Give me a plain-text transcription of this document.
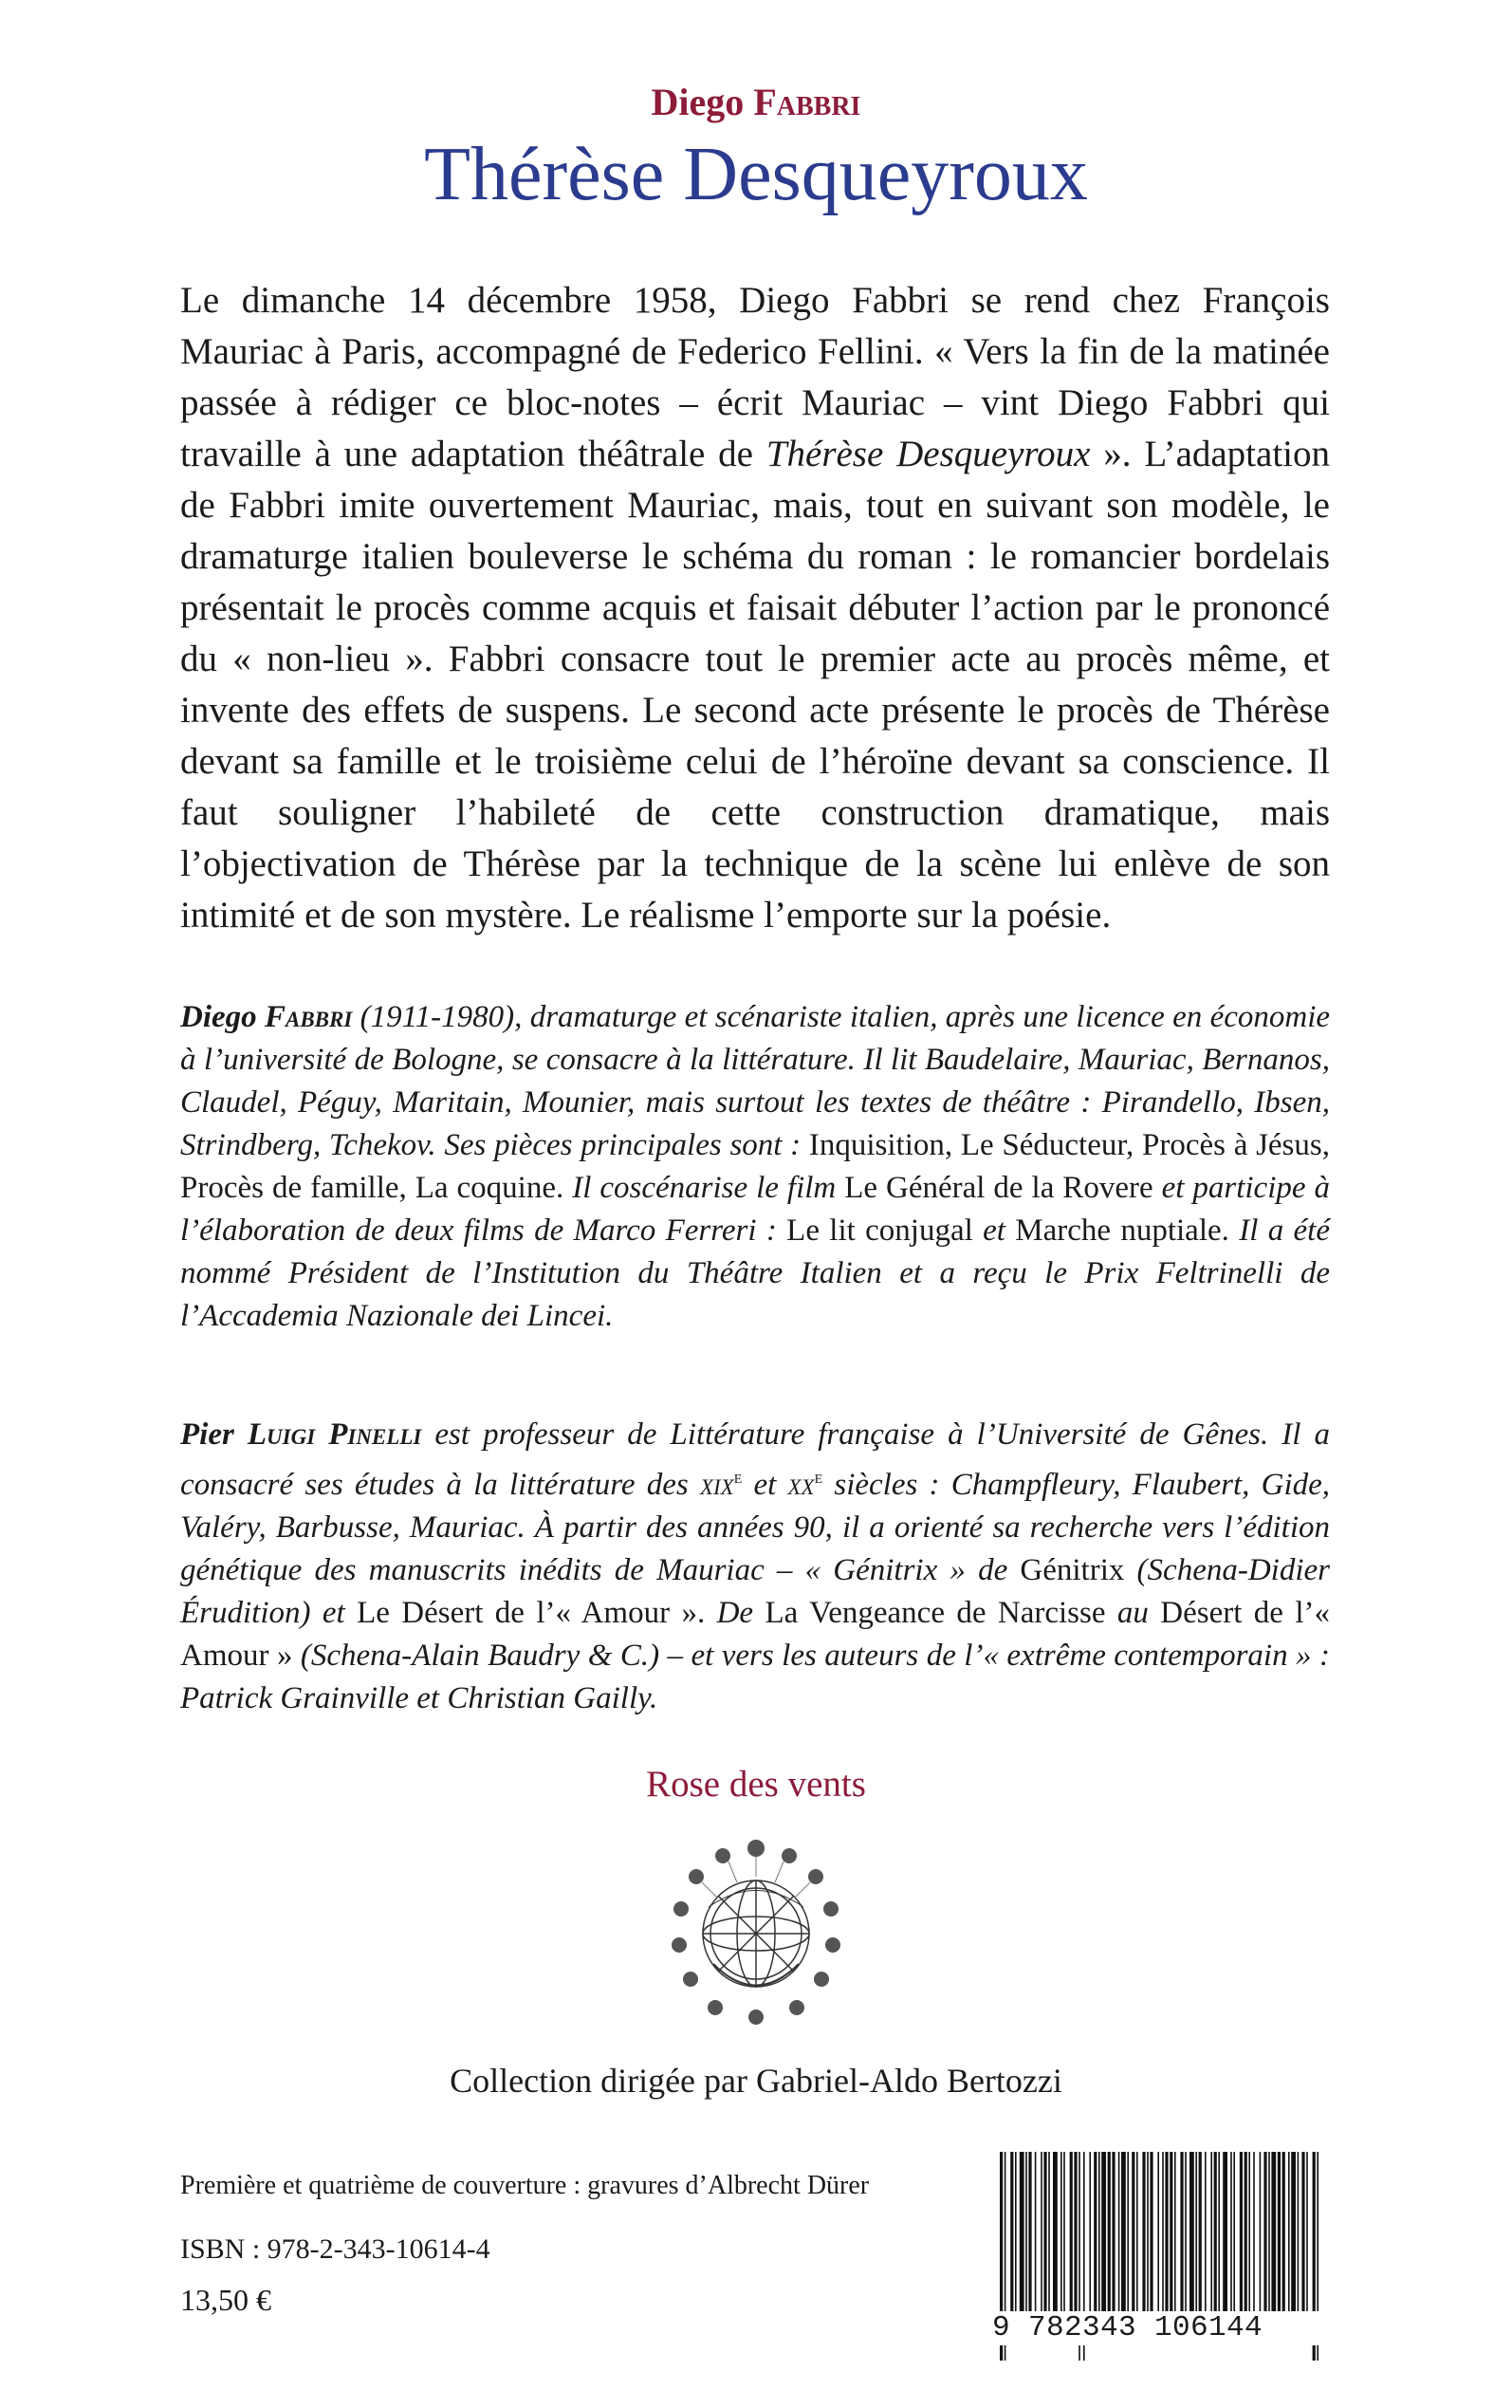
Diego Fabbri
Thérèse Desqueyroux

Le dimanche 14 décembre 1958, Diego Fabbri se rend chez François Mauriac à Paris, accompagné de Federico Fellini. « Vers la fin de la matinée passée à rédiger ce bloc-notes – écrit Mauriac – vint Diego Fabbri qui travaille à une adaptation théâtrale de Thérèse Desqueyroux ». L’adaptation de Fabbri imite ouvertement Mauriac, mais, tout en suivant son modèle, le dramaturge italien bouleverse le schéma du roman : le romancier bordelais présentait le procès comme acquis et faisait débuter l’action par le prononcé du « non-lieu ». Fabbri consacre tout le premier acte au procès même, et invente des effets de suspens. Le second acte présente le procès de Thérèse devant sa famille et le troisième celui de l’héroïne devant sa conscience. Il faut souligner l’habileté de cette construction dramatique, mais l’objectivation de Thérèse par la technique de la scène lui enlève de son intimité et de son mystère. Le réalisme l’emporte sur la poésie.

Diego Fabbri (1911-1980), dramaturge et scénariste italien, après une licence en économie à l’université de Bologne, se consacre à la littérature. Il lit Baudelaire, Mauriac, Bernanos, Claudel, Péguy, Maritain, Mounier, mais surtout les textes de théâtre : Pirandello, Ibsen, Strindberg, Tchekov. Ses pièces principales sont : Inquisition, Le Séducteur, Procès à Jésus, Procès de famille, La coquine. Il coscénarise le film Le Général de la Rovere et participe à l’élaboration de deux films de Marco Ferreri : Le lit conjugal et Marche nuptiale. Il a été nommé Président de l’Institution du Théâtre Italien et a reçu le Prix Feltrinelli de l’Accademia Nazionale dei Lincei.

Pier Luigi Pinelli est professeur de Littérature française à l’Université de Gênes. Il a consacré ses études à la littérature des xix$^e$ et $xx^e$ siècles : Champfleury, Flaubert, Gide, Valéry, Barbusse, Mauriac. À partir des années 90, il a orienté sa recherche vers l’édition génétique des manuscrits inédits de Mauriac – « Génitrix » de Génitrix (Schena-Didier Érudition) et Le Désert de l’« Amour ». De La Vengeance de Narcisse au Désert de l’« Amour » (Schena-Alain Baudry & C.) – et vers les auteurs de l’« extrême contemporain » : Patrick Grainville et Christian Gailly.

Rose des vents
Collection dirigée par Gabriel-Aldo Bertozzi
Première et quatrième de couverture : gravures d’Albrecht Dürer
ISBN : 978-2-343-10614-4
13,50 €
9 782343 106144
